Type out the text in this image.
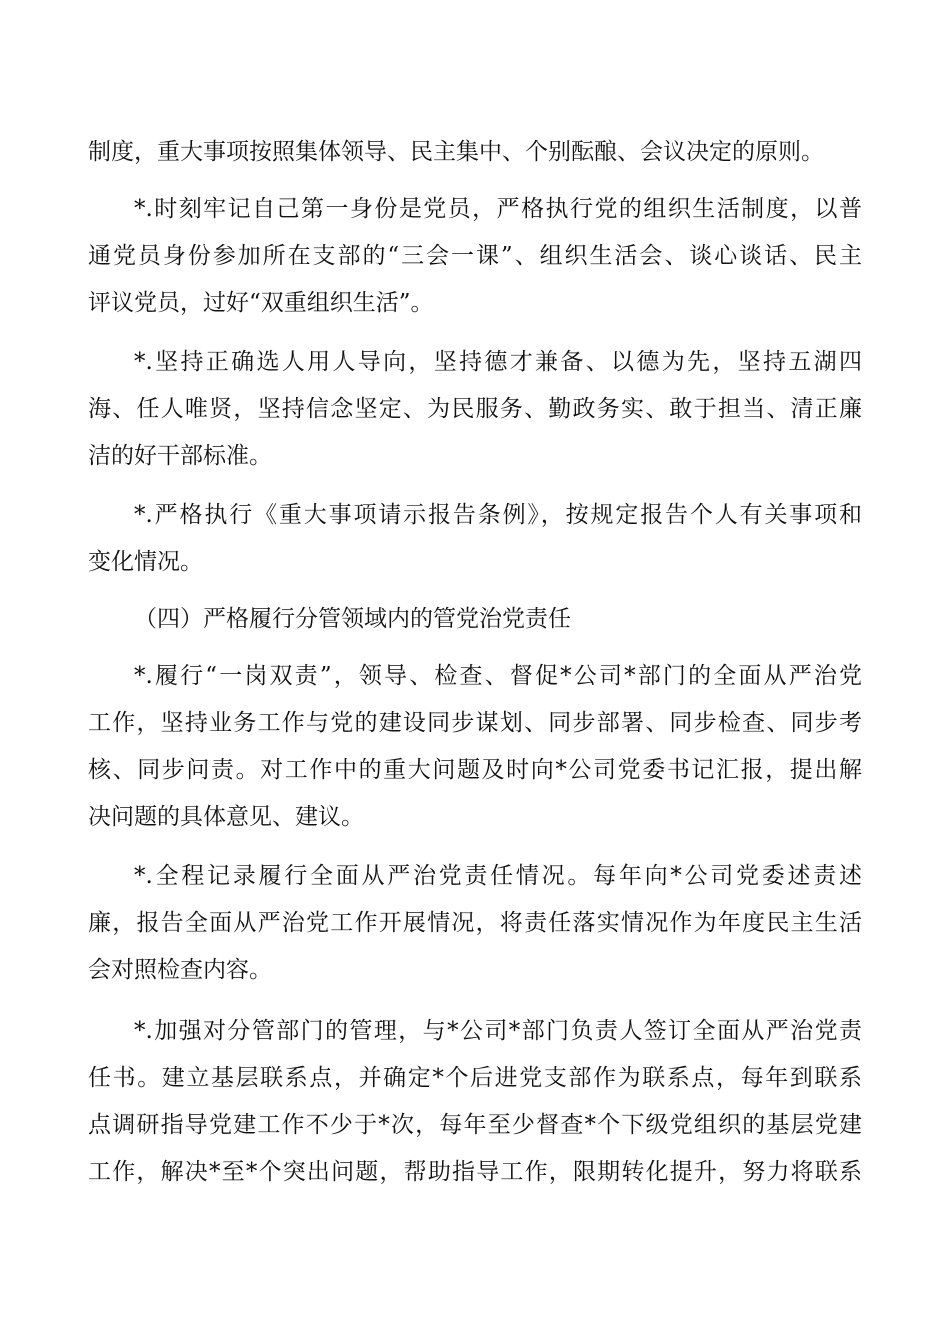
制度，重大事项按照集体领导、民主集中、个别酝酿、会议决定的原则。
*.时刻牢记自己第一身份是党员，严格执行党的组织生活制度，以普
通党员身份参加所在支部的“三会一课”、组织生活会、谈心谈话、民主
评议党员，过好“双重组织生活”。
*.坚持正确选人用人导向，坚持德才兼备、以德为先，坚持五湖四
海、任人唯贤，坚持信念坚定、为民服务、勤政务实、敢于担当、清正廉
洁的好干部标准。
*.严格执行《重大事项请示报告条例》，按规定报告个人有关事项和
变化情况。
（四）严格履行分管领域内的管党治党责任
*.履行“一岗双责”，领导、检查、督促*公司*部门的全面从严治党
工作，坚持业务工作与党的建设同步谋划、同步部署、同步检查、同步考
核、同步问责。对工作中的重大问题及时向*公司党委书记汇报，提出解
决问题的具体意见、建议。
*.全程记录履行全面从严治党责任情况。每年向*公司党委述责述
廉，报告全面从严治党工作开展情况，将责任落实情况作为年度民主生活
会对照检查内容。
*.加强对分管部门的管理，与*公司*部门负责人签订全面从严治党责
任书。建立基层联系点，并确定*个后进党支部作为联系点，每年到联系
点调研指导党建工作不少于*次，每年至少督查*个下级党组织的基层党建
工作，解决*至*个突出问题，帮助指导工作，限期转化提升，努力将联系
